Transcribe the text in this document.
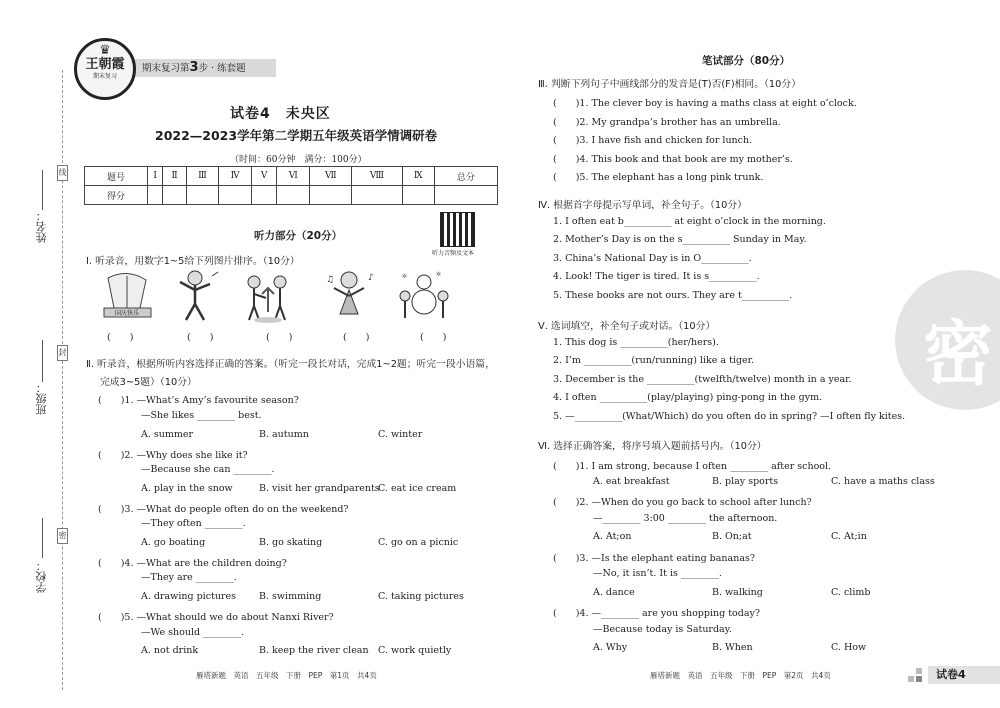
线
封
密
姓名：
班级：
学校：
期末复习第3步 · 练套题
♛
王朝霞
期末复习
试卷4　未央区
2022—2023学年第二学期五年级英语学情调研卷
（时间：60分钟　满分：100分）
题号	Ⅰ	Ⅱ	Ⅲ	Ⅳ	Ⅴ	Ⅵ	Ⅶ	Ⅷ	Ⅸ	总分
得分										
听力音频及文本
听力部分（20分）
Ⅰ. 听录音，用数字1~5给下列图片排序。（10分）
国庆快乐
♪
♫
✲
✲
(　　)	(　　)	(　　)	(　　)	(　　)
Ⅱ. 听录音，根据所听内容选择正确的答案。（听完一段长对话，完成1~2题；听完一段小语篇，
完成3~5题）（10分）
(　　)1. —What’s Amy’s favourite season?
—She likes ________ best.
A. summer	B. autumn	C. winter
(　　)2. —Why does she like it?
—Because she can ________.
A. play in the snow	B. visit her grandparents
C. eat ice cream
(　　)3. —What do people often do on the weekend?
—They often ________.
A. go boating	B. go skating	C. go on a picnic
(　　)4. —What are the children doing?
—They are ________.
A. drawing pictures B. swimming	C. taking pictures
(　　)5. —What should we do about Nanxi River?
—We should ________.
A. not drink	B. keep the river clean C. work quietly
密
笔试部分（80分）
Ⅲ. 判断下列句子中画线部分的发音是(T)否(F)相同。（10分）
(　　)1. The clever boy is having a maths class at eight o’clock.
(　　)2. My grandpa’s brother has an umbrella.
(　　)3. I have fish and chicken for lunch.
(　　)4. This book and that book are my mother’s.
(　　)5. The elephant has a long pink trunk.
Ⅳ. 根据首字母提示写单词，补全句子。（10分）
1. I often eat b__________ at eight o’clock in the morning.
2. Mother’s Day is on the s__________ Sunday in May.
3. China’s National Day is in O__________.
4. Look! The tiger is tired. It is s__________.
5. These books are not ours. They are t__________.
Ⅴ. 选词填空，补全句子或对话。（10分）
1. This dog is __________(her/hers).
2. I’m __________(run/running) like a tiger.
3. December is the __________(twelfth/twelve) month in a year.
4. I often __________(play/playing) ping-pong in the gym.
5. —__________(What/Which) do you often do in spring? —I often fly kites.
Ⅵ. 选择正确答案，将序号填入题前括号内。（10分）
(　　)1. I am strong, because I often ________ after school.
A. eat breakfast	B. play sports	C. have a maths class
(　　)2. —When do you go back to school after lunch?
—________ 3:00 ________ the afternoon.
A. At;on	B. On;at	C. At;in
(　　)3. —Is the elephant eating bananas?
—No, it isn’t. It is ________.
A. dance	B. walking	C. climb
(　　)4. —________ are you shopping today?
—Because today is Saturday.
A. Why	B. When	C. How
雁塔新题　英语　五年级　下册　PEP　第1页　共4页	雁塔新题　英语　五年级　下册　PEP　第2页　共4页	试卷4
